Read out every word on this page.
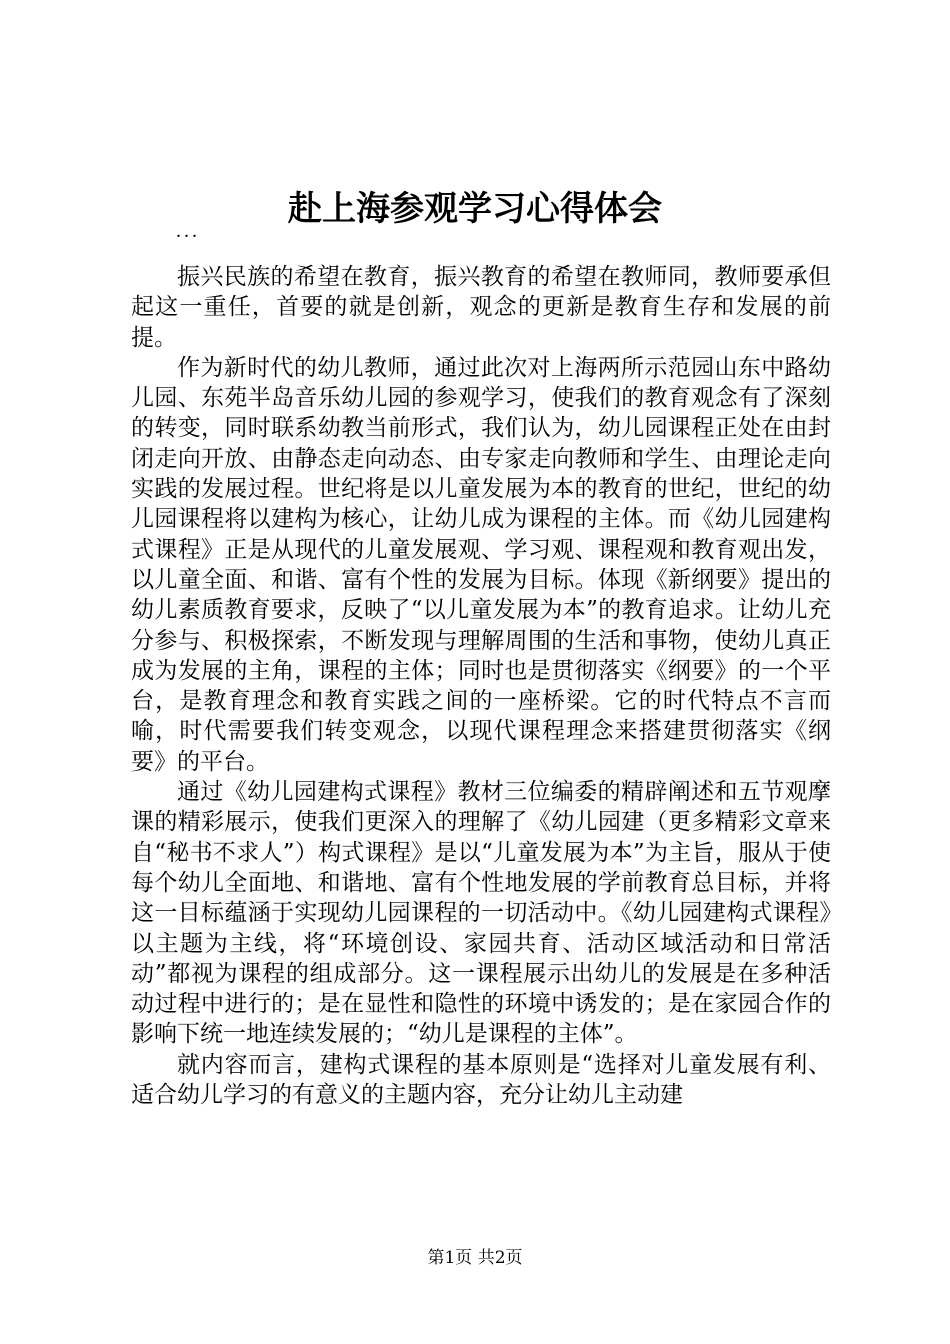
赴上海参观学习心得体会
...

振兴民族的希望在教育，振兴教育的希望在教师同，教师要承但起这一重任，首要的就是创新，观念的更新是教育生存和发展的前提。

作为新时代的幼儿教师，通过此次对上海两所示范园山东中路幼儿园、东苑半岛音乐幼儿园的参观学习，使我们的教育观念有了深刻的转变，同时联系幼教当前形式，我们认为，幼儿园课程正处在由封闭走向开放、由静态走向动态、由专家走向教师和学生、由理论走向实践的发展过程。世纪将是以儿童发展为本的教育的世纪，世纪的幼儿园课程将以建构为核心，让幼儿成为课程的主体。而《幼儿园建构式课程》正是从现代的儿童发展观、学习观、课程观和教育观出发，以儿童全面、和谐、富有个性的发展为目标。体现《新纲要》提出的幼儿素质教育要求，反映了“以儿童发展为本”的教育追求。让幼儿充分参与、积极探索，不断发现与理解周围的生活和事物，使幼儿真正成为发展的主角，课程的主体；同时也是贯彻落实《纲要》的一个平台，是教育理念和教育实践之间的一座桥梁。它的时代特点不言而喻，时代需要我们转变观念，以现代课程理念来搭建贯彻落实《纲要》的平台。

通过《幼儿园建构式课程》教材三位编委的精辟阐述和五节观摩课的精彩展示，使我们更深入的理解了《幼儿园建（更多精彩文章来自“秘书不求人”）构式课程》是以“儿童发展为本”为主旨，服从于使每个幼儿全面地、和谐地、富有个性地发展的学前教育总目标，并将这一目标蕴涵于实现幼儿园课程的一切活动中。《幼儿园建构式课程》以主题为主线，将“环境创设、家园共育、活动区域活动和日常活动”都视为课程的组成部分。这一课程展示出幼儿的发展是在多种活动过程中进行的；是在显性和隐性的环境中诱发的；是在家园合作的影响下统一地连续发展的；“幼儿是课程的主体”。

就内容而言，建构式课程的基本原则是“选择对儿童发展有利、适合幼儿学习的有意义的主题内容，充分让幼儿主动建

第1页 共2页
